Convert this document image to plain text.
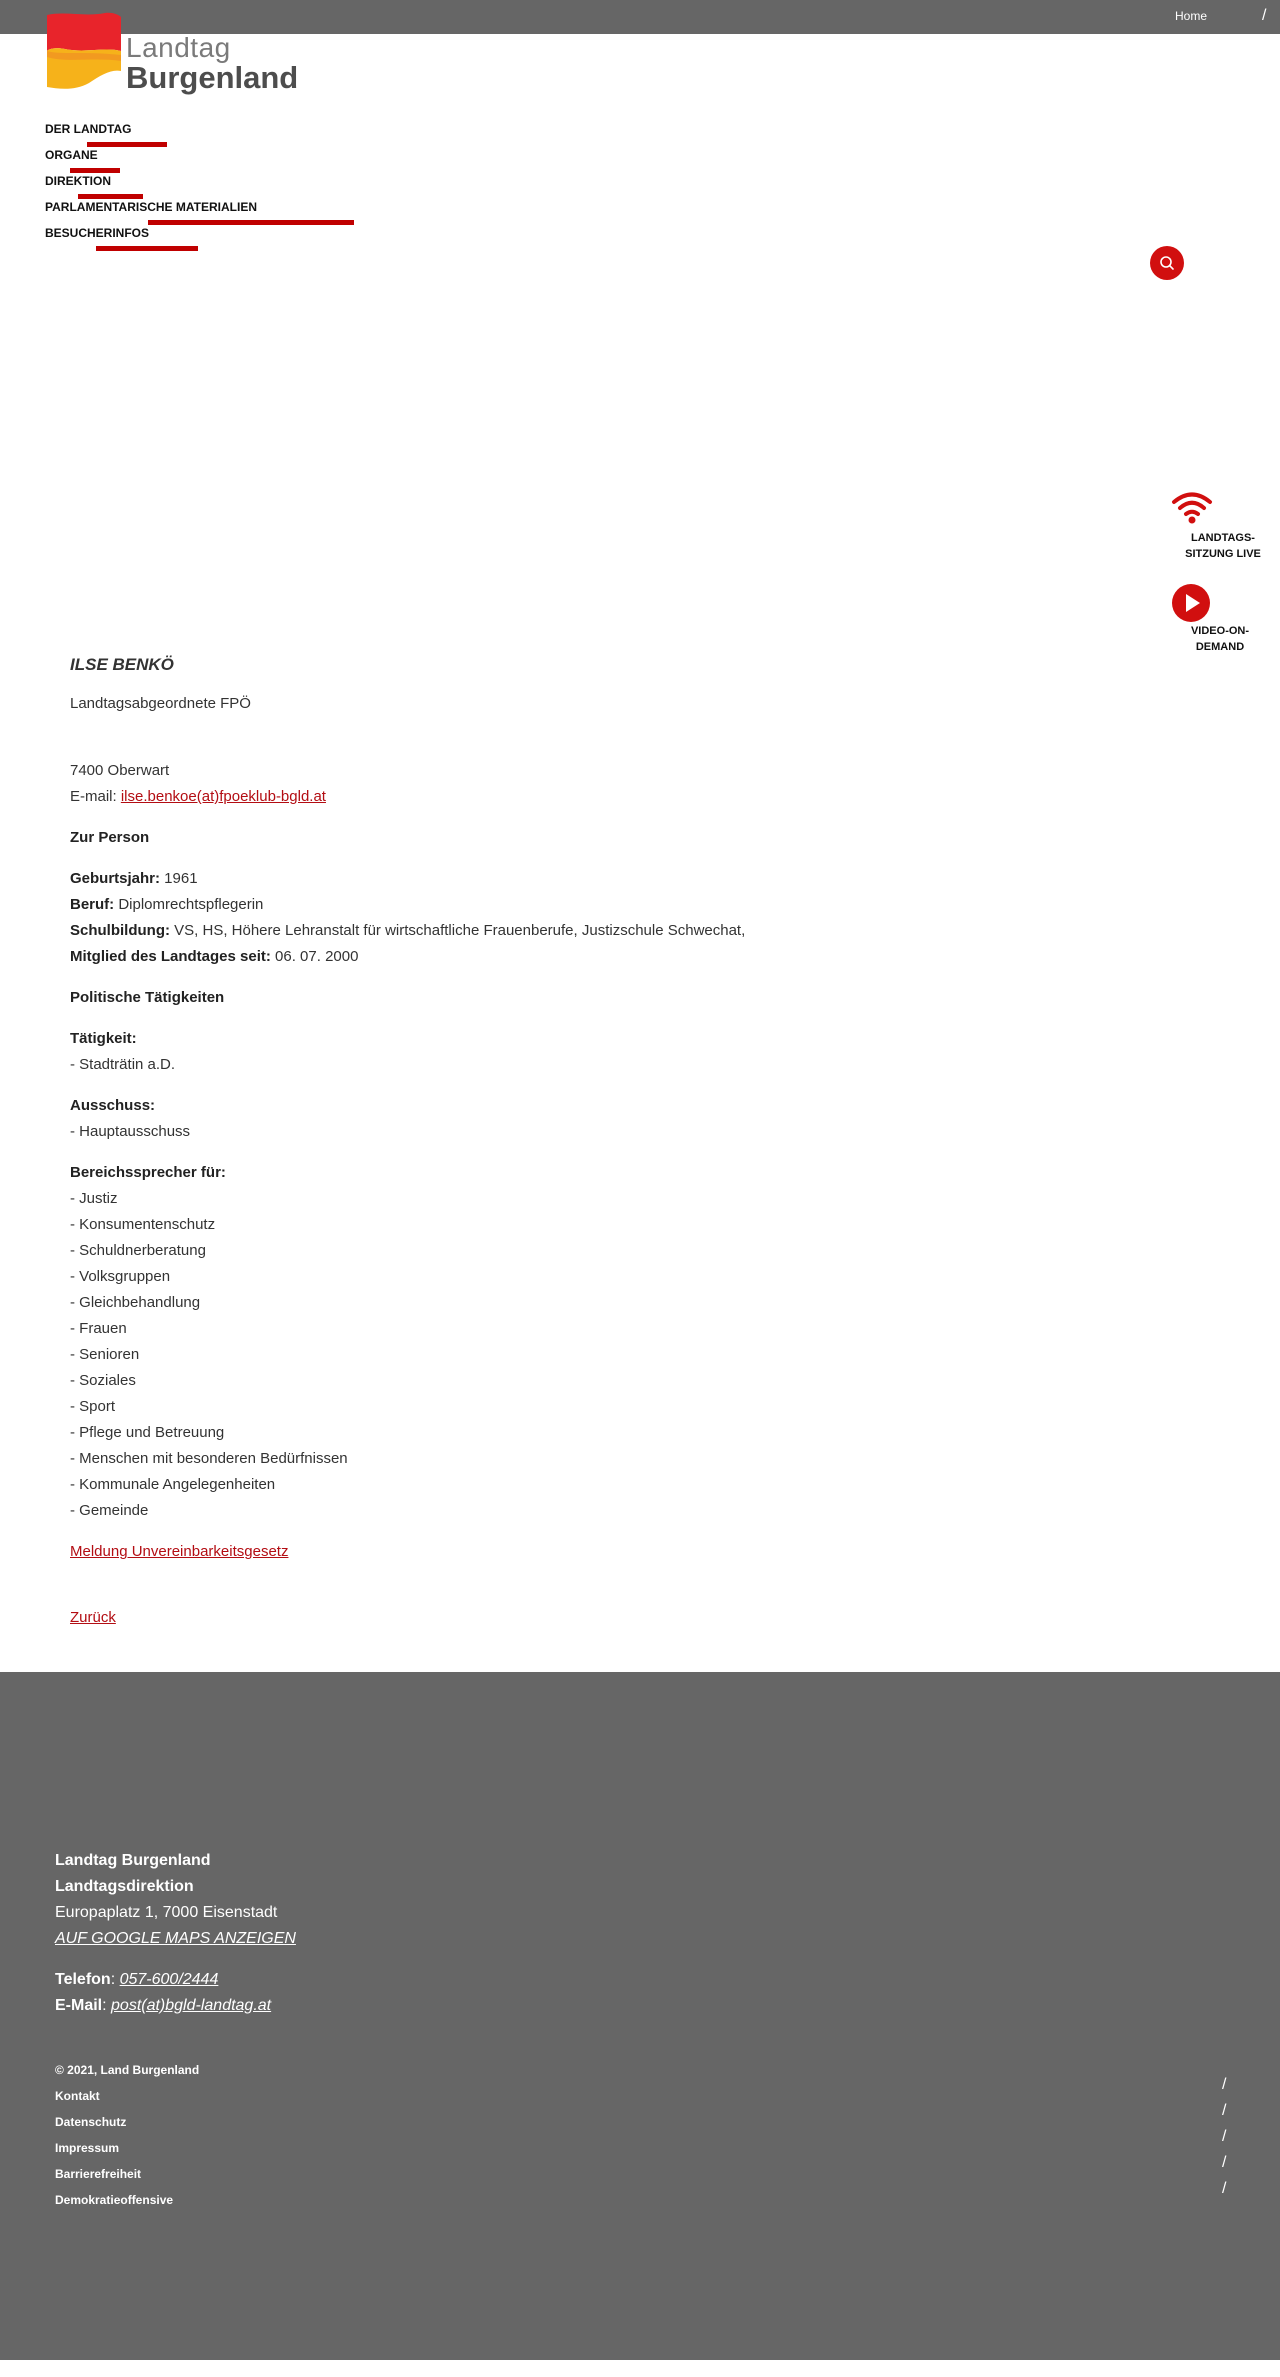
Home	/
Landtag
Burgenland
DER LANDTAG
ORGANE
DIREKTION
PARLAMENTARISCHE MATERIALIEN
BESUCHERINFOS
LANDTAGS-
SITZUNG LIVE
VIDEO-ON-
DEMAND
ILSE BENKÖ
Landtagsabgeordnete FPÖ
7400 Oberwart
E-mail: ilse.benkoe(at)fpoeklub-bgld.at
Zur Person
Geburtsjahr: 1961
Beruf: Diplomrechtspflegerin
Schulbildung: VS, HS, Höhere Lehranstalt für wirtschaftliche Frauenberufe, Justizschule Schwechat,
Mitglied des Landtages seit: 06. 07. 2000
Politische Tätigkeiten
Tätigkeit:
- Stadträtin a.D.
Ausschuss:
- Hauptausschuss
Bereichssprecher für:
- Justiz
- Konsumentenschutz
- Schuldnerberatung
- Volksgruppen
- Gleichbehandlung
- Frauen
- Senioren
- Soziales
- Sport
- Pflege und Betreuung
- Menschen mit besonderen Bedürfnissen
- Kommunale Angelegenheiten
- Gemeinde
Meldung Unvereinbarkeitsgesetz
Zurück
Landtag Burgenland
Landtagsdirektion
Europaplatz 1, 7000 Eisenstadt
AUF GOOGLE MAPS ANZEIGEN
Telefon: 057-600/2444
E-Mail: post(at)bgld-landtag.at
© 2021, Land Burgenland
Kontakt
Datenschutz
Impressum
Barrierefreiheit
Demokratieoffensive
/
/
/
/
/
